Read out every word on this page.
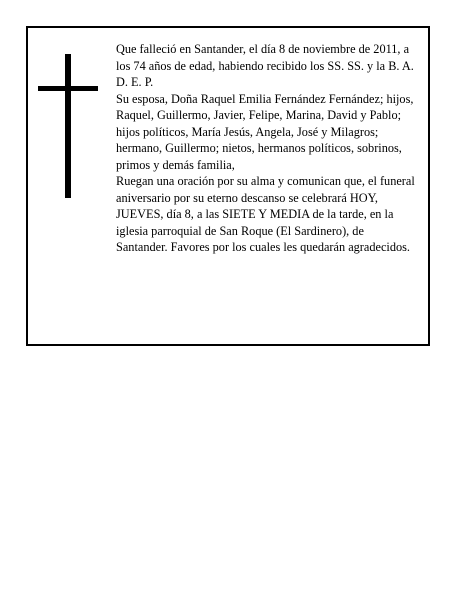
Que falleció en Santander, el día 8 de noviembre de 2011, a los 74 años de edad, habiendo recibido los SS. SS. y la B. A.

D. E. P.

Su esposa, Doña Raquel Emilia Fernández Fernández; hijos, Raquel, Guillermo, Javier, Felipe, Marina, David y Pablo; hijos políticos, María Jesús, Angela, José y Milagros; hermano, Guillermo; nietos, hermanos políticos, sobrinos, primos y demás familia,

Ruegan una oración por su alma y comunican que, el funeral aniversario por su eterno descanso se celebrará HOY, JUEVES, día 8, a las SIETE Y MEDIA de la tarde, en la iglesia parroquial de San Roque (El Sardinero), de Santander. Favores por los cuales les quedarán agradecidos.
